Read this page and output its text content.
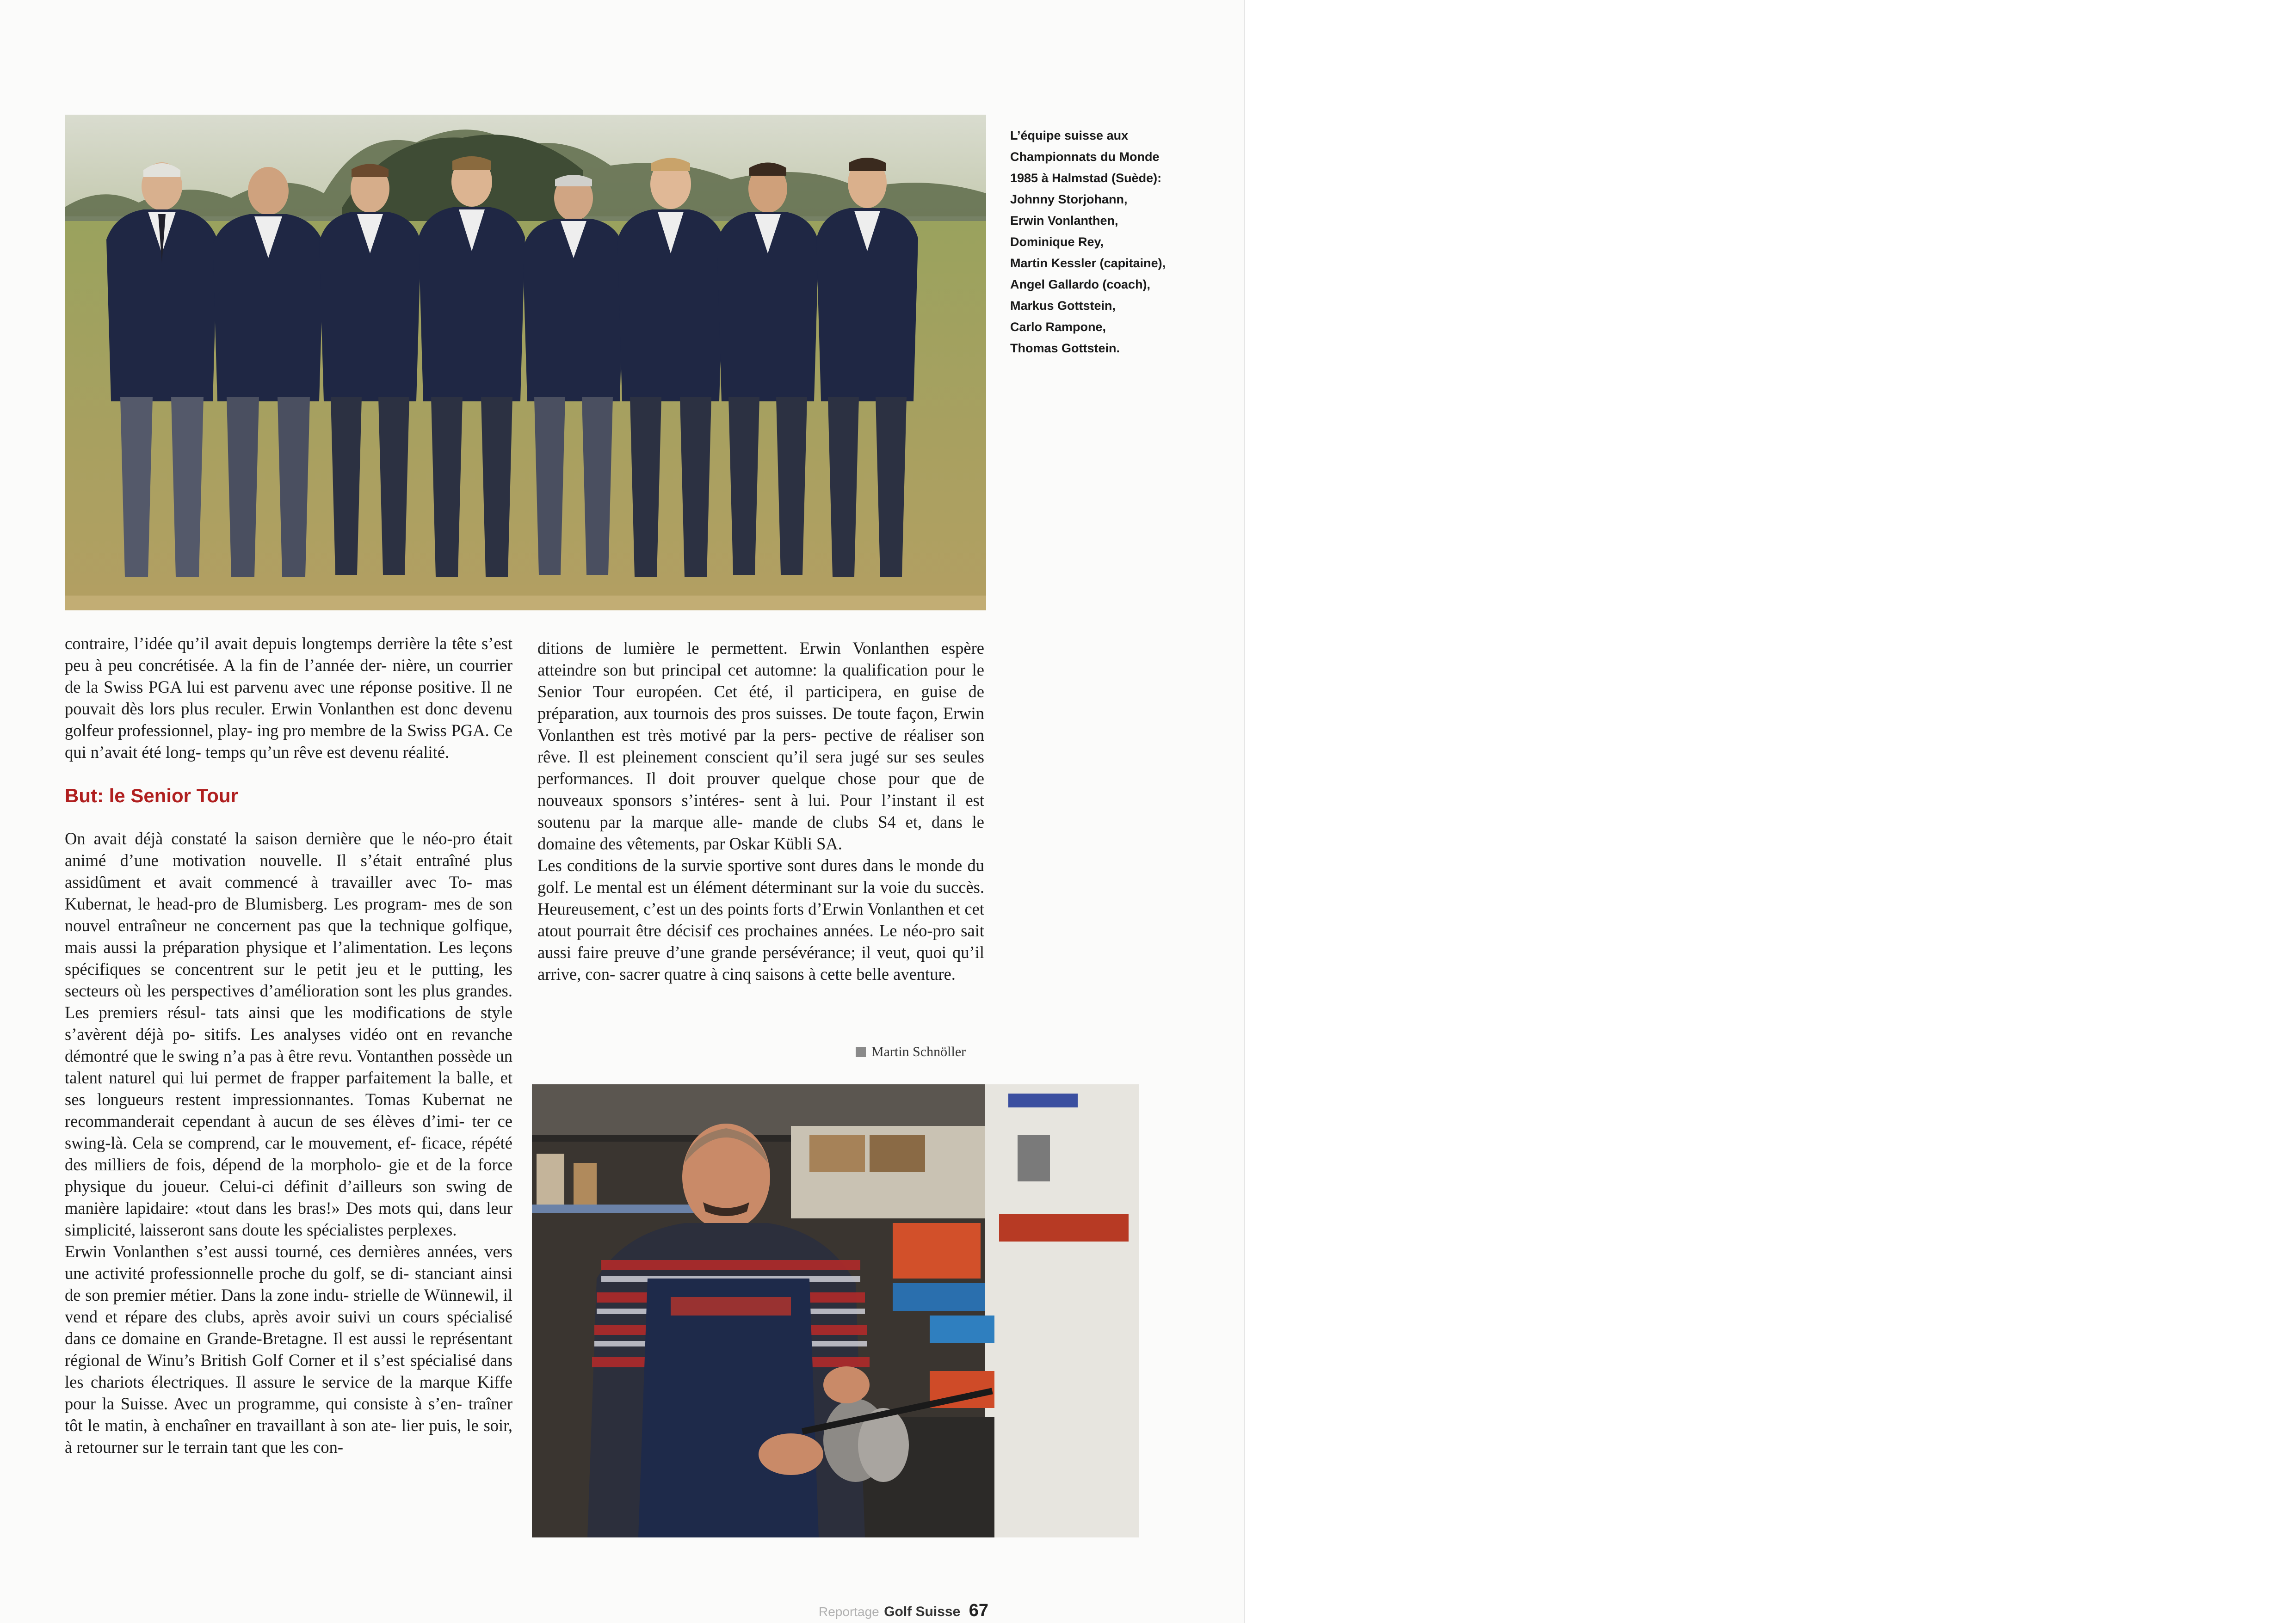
L’équipe suisse aux
Championnats du Monde
1985 à Halmstad (Suède):
Johnny Storjohann,
Erwin Vonlanthen,
Dominique Rey,
Martin Kessler (capitaine),
Angel Gallardo (coach),
Markus Gottstein,
Carlo Rampone,
Thomas Gottstein.

contraire, l’idée qu’il avait depuis longtemps derrière la tête s’est peu à peu concrétisée. A la fin de l’année der- nière, un courrier de la Swiss PGA lui est parvenu avec une réponse positive. Il ne pouvait dès lors plus reculer. Erwin Vonlanthen est donc devenu golfeur professionnel, play- ing pro membre de la Swiss PGA. Ce qui n’avait été long- temps qu’un rêve est devenu réalité.

But: le Senior Tour

On avait déjà constaté la saison dernière que le néo-pro était animé d’une motivation nouvelle. Il s’était entraîné plus assidûment et avait commencé à travailler avec To- mas Kubernat, le head-pro de Blumisberg. Les program- mes de son nouvel entraîneur ne concernent pas que la technique golfique, mais aussi la préparation physique et l’alimentation. Les leçons spécifiques se concentrent sur le petit jeu et le putting, les secteurs où les perspectives d’amélioration sont les plus grandes. Les premiers résul- tats ainsi que les modifications de style s’avèrent déjà po- sitifs. Les analyses vidéo ont en revanche démontré que le swing n’a pas à être revu. Vontanthen possède un talent naturel qui lui permet de frapper parfaitement la balle, et ses longueurs restent impressionnantes. Tomas Kubernat ne recommanderait cependant à aucun de ses élèves d’imi- ter ce swing-là. Cela se comprend, car le mouvement, ef- ficace, répété des milliers de fois, dépend de la morpholo- gie et de la force physique du joueur. Celui-ci définit d’ailleurs son swing de manière lapidaire: «tout dans les bras!» Des mots qui, dans leur simplicité, laisseront sans doute les spécialistes perplexes.

Erwin Vonlanthen s’est aussi tourné, ces dernières années, vers une activité professionnelle proche du golf, se di- stanciant ainsi de son premier métier. Dans la zone indu- strielle de Wünnewil, il vend et répare des clubs, après avoir suivi un cours spécialisé dans ce domaine en Grande-Bretagne. Il est aussi le représentant régional de Winu’s British Golf Corner et il s’est spécialisé dans les chariots électriques. Il assure le service de la marque Kiffe pour la Suisse. Avec un programme, qui consiste à s’en- traîner tôt le matin, à enchaîner en travaillant à son ate- lier puis, le soir, à retourner sur le terrain tant que les con-

ditions de lumière le permettent. Erwin Vonlanthen espère atteindre son but principal cet automne: la qualification pour le Senior Tour européen. Cet été, il participera, en guise de préparation, aux tournois des pros suisses. De toute façon, Erwin Vonlanthen est très motivé par la pers- pective de réaliser son rêve. Il est pleinement conscient qu’il sera jugé sur ses seules performances. Il doit prouver quelque chose pour que de nouveaux sponsors s’intéres- sent à lui. Pour l’instant il est soutenu par la marque alle- mande de clubs S4 et, dans le domaine des vêtements, par Oskar Kübli SA.

Les conditions de la survie sportive sont dures dans le monde du golf. Le mental est un élément déterminant sur la voie du succès. Heureusement, c’est un des points forts d’Erwin Vonlanthen et cet atout pourrait être décisif ces prochaines années. Le néo-pro sait aussi faire preuve d’une grande persévérance; il veut, quoi qu’il arrive, con- sacrer quatre à cinq saisons à cette belle aventure.

Martin Schnöller
Reportage Golf Suisse 67
